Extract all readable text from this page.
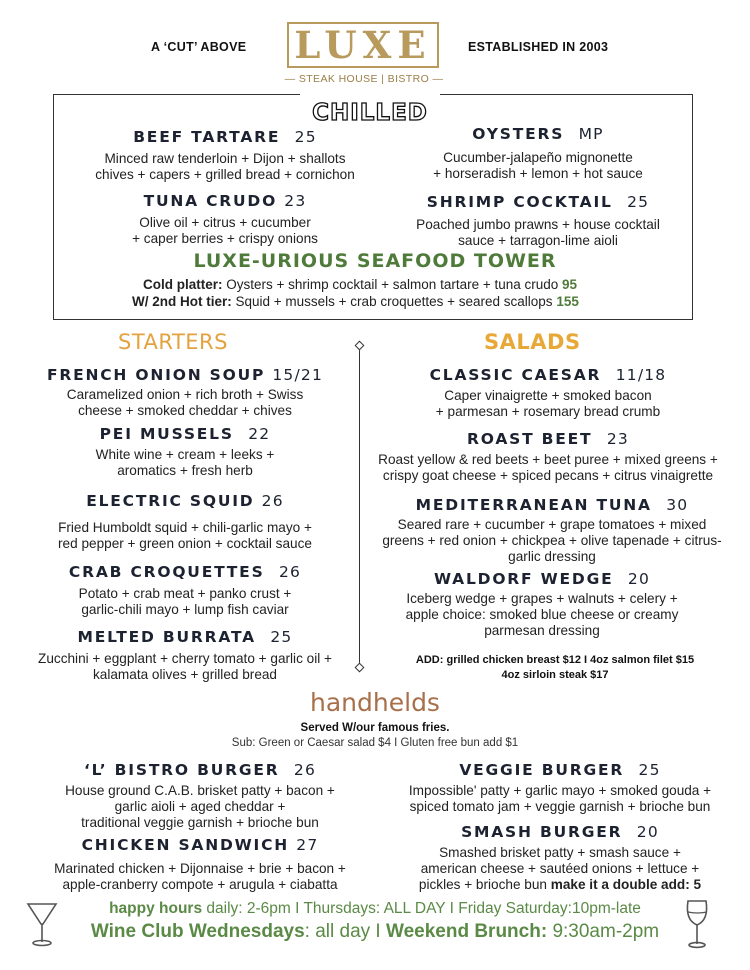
A ‘CUT’ ABOVE LUXE
— STEAK HOUSE | BISTRO —
ESTABLISHED IN 2003
CHILLED
BEEF TARTARE 25
Minced raw tenderloin + Dijon + shallots
chives + capers + grilled bread + cornichon
OYSTERS MP
Cucumber-jalapeño mignonette
+ horseradish + lemon + hot sauce
TUNA CRUDO 23
Olive oil + citrus + cucumber
+ caper berries + crispy onions
SHRIMP COCKTAIL 25
Poached jumbo prawns + house cocktail
sauce + tarragon-lime aioli
LUXE-URIOUS SEAFOOD TOWER
Cold platter: Oysters + shrimp cocktail + salmon tartare + tuna crudo 95
W/ 2nd Hot tier: Squid + mussels + crab croquettes + seared scallops 155
STARTERS	SALADS
FRENCH ONION SOUP 15/21
Caramelized onion + rich broth + Swiss
cheese + smoked cheddar + chives
PEI MUSSELS 22
White wine + cream + leeks +
aromatics + fresh herb
ELECTRIC SQUID 26
Fried Humboldt squid + chili-garlic mayo +
red pepper + green onion + cocktail sauce
CRAB CROQUETTES 26
Potato + crab meat + panko crust +
garlic-chili mayo + lump fish caviar
MELTED BURRATA 25
Zucchini + eggplant + cherry tomato + garlic oil +
kalamata olives + grilled bread
CLASSIC CAESAR 11/18
Caper vinaigrette + smoked bacon
+ parmesan + rosemary bread crumb
ROAST BEET 23
Roast yellow & red beets + beet puree + mixed greens +
crispy goat cheese + spiced pecans + citrus vinaigrette
MEDITERRANEAN TUNA 30
Seared rare + cucumber + grape tomatoes + mixed
greens + red onion + chickpea + olive tapenade + citrus-
garlic dressing
WALDORF WEDGE 20
Iceberg wedge + grapes + walnuts + celery +
apple choice: smoked blue cheese or creamy
parmesan dressing
ADD: grilled chicken breast $12 I 4oz salmon filet $15
4oz sirloin steak $17
handhelds
Served W/our famous fries.
Sub: Green or Caesar salad $4 I Gluten free bun add $1
‘L’ BISTRO BURGER 26
House ground C.A.B. brisket patty + bacon +
garlic aioli + aged cheddar +
traditional veggie garnish + brioche bun
VEGGIE BURGER 25
Impossible' patty + garlic mayo + smoked gouda +
spiced tomato jam + veggie garnish + brioche bun
CHICKEN SANDWICH 27
Marinated chicken + Dijonnaise + brie + bacon +
apple-cranberry compote + arugula + ciabatta
SMASH BURGER 20
Smashed brisket patty + smash sauce +
american cheese + sautéed onions + lettuce +
pickles + brioche bun make it a double add: 5
happy hours daily: 2-6pm I Thursdays: ALL DAY I Friday Saturday:10pm-late
Wine Club Wednesdays: all day I Weekend Brunch: 9:30am-2pm
